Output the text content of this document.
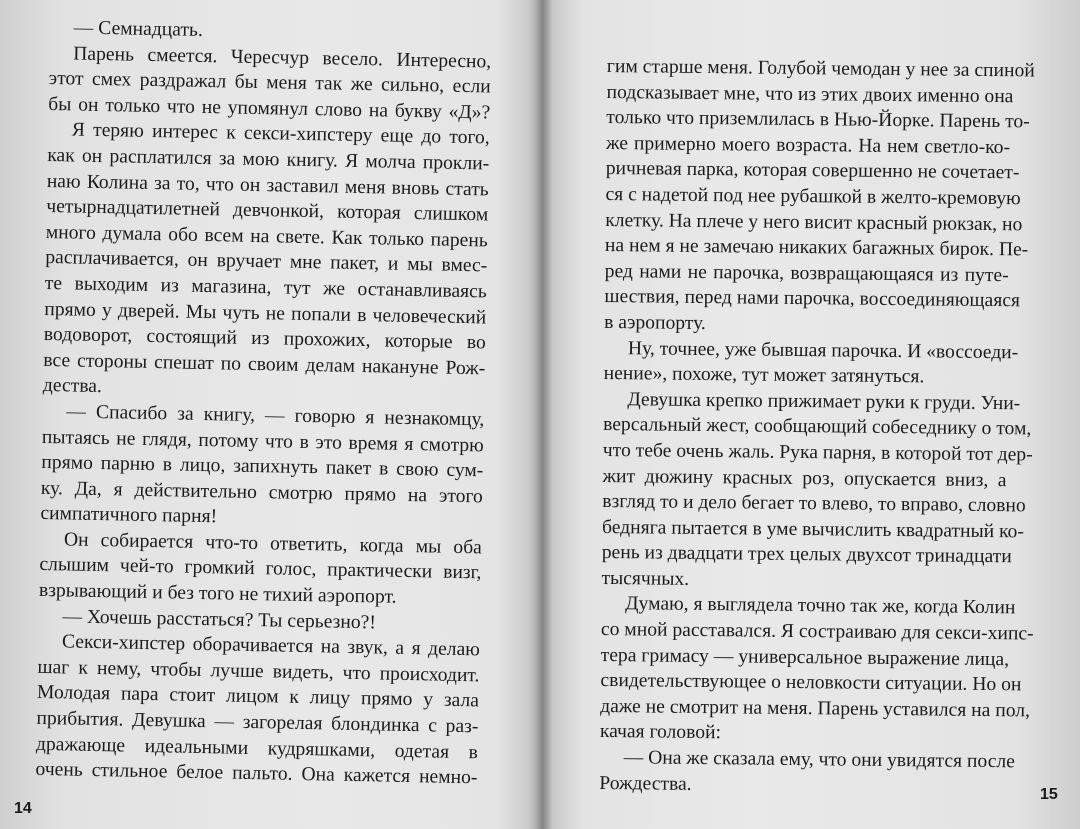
— Семнадцать.
Парень смеется. Чересчур весело. Интересно,
этот смех раздражал бы меня так же сильно, если
бы он только что не упомянул слово на букву «Д»?
Я теряю интерес к секси-хипстеру еще до того,
как он расплатился за мою книгу. Я молча прокли-
наю Колина за то, что он заставил меня вновь стать
четырнадцатилетней девчонкой, которая слишком
много думала обо всем на свете. Как только парень
расплачивается, он вручает мне пакет, и мы вмес-
те выходим из магазина, тут же останавливаясь
прямо у дверей. Мы чуть не попали в человеческий
водоворот, состоящий из прохожих, которые во
все стороны спешат по своим делам накануне Рож-
дества.
— Спасибо за книгу, — говорю я незнакомцу,
пытаясь не глядя, потому что в это время я смотрю
прямо парню в лицо, запихнуть пакет в свою сум-
ку. Да, я действительно смотрю прямо на этого
симпатичного парня!
Он собирается что-то ответить, когда мы оба
слышим чей-то громкий голос, практически визг,
взрывающий и без того не тихий аэропорт.
— Хочешь расстаться? Ты серьезно?!
Секси-хипстер оборачивается на звук, а я делаю
шаг к нему, чтобы лучше видеть, что происходит.
Молодая пара стоит лицом к лицу прямо у зала
прибытия. Девушка — загорелая блондинка с раз-
дражающе идеальными кудряшками, одетая в
очень стильное белое пальто. Она кажется немно-
14
гим старше меня. Голубой чемодан у нее за спиной
подсказывает мне, что из этих двоих именно она
только что приземлилась в Нью-Йорке. Парень то-
же примерно моего возраста. На нем светло-ко-
ричневая парка, которая совершенно не сочетает-
ся с надетой под нее рубашкой в желто-кремовую
клетку. На плече у него висит красный рюкзак, но
на нем я не замечаю никаких багажных бирок. Пе-
ред нами не парочка, возвращающаяся из путе-
шествия, перед нами парочка, воссоединяющаяся
в аэропорту.
Ну, точнее, уже бывшая парочка. И «воссоеди-
нение», похоже, тут может затянуться.
Девушка крепко прижимает руки к груди. Уни-
версальный жест, сообщающий собеседнику о том,
что тебе очень жаль. Рука парня, в которой тот дер-
жит дюжину красных роз, опускается вниз, а
взгляд то и дело бегает то влево, то вправо, словно
бедняга пытается в уме вычислить квадратный ко-
рень из двадцати трех целых двухсот тринадцати
тысячных.
Думаю, я выглядела точно так же, когда Колин
со мной расставался. Я состраиваю для секси-хипс-
тера гримасу — универсальное выражение лица,
свидетельствующее о неловкости ситуации. Но он
даже не смотрит на меня. Парень уставился на пол,
качая головой:
— Она же сказала ему, что они увидятся после
Рождества.	15
